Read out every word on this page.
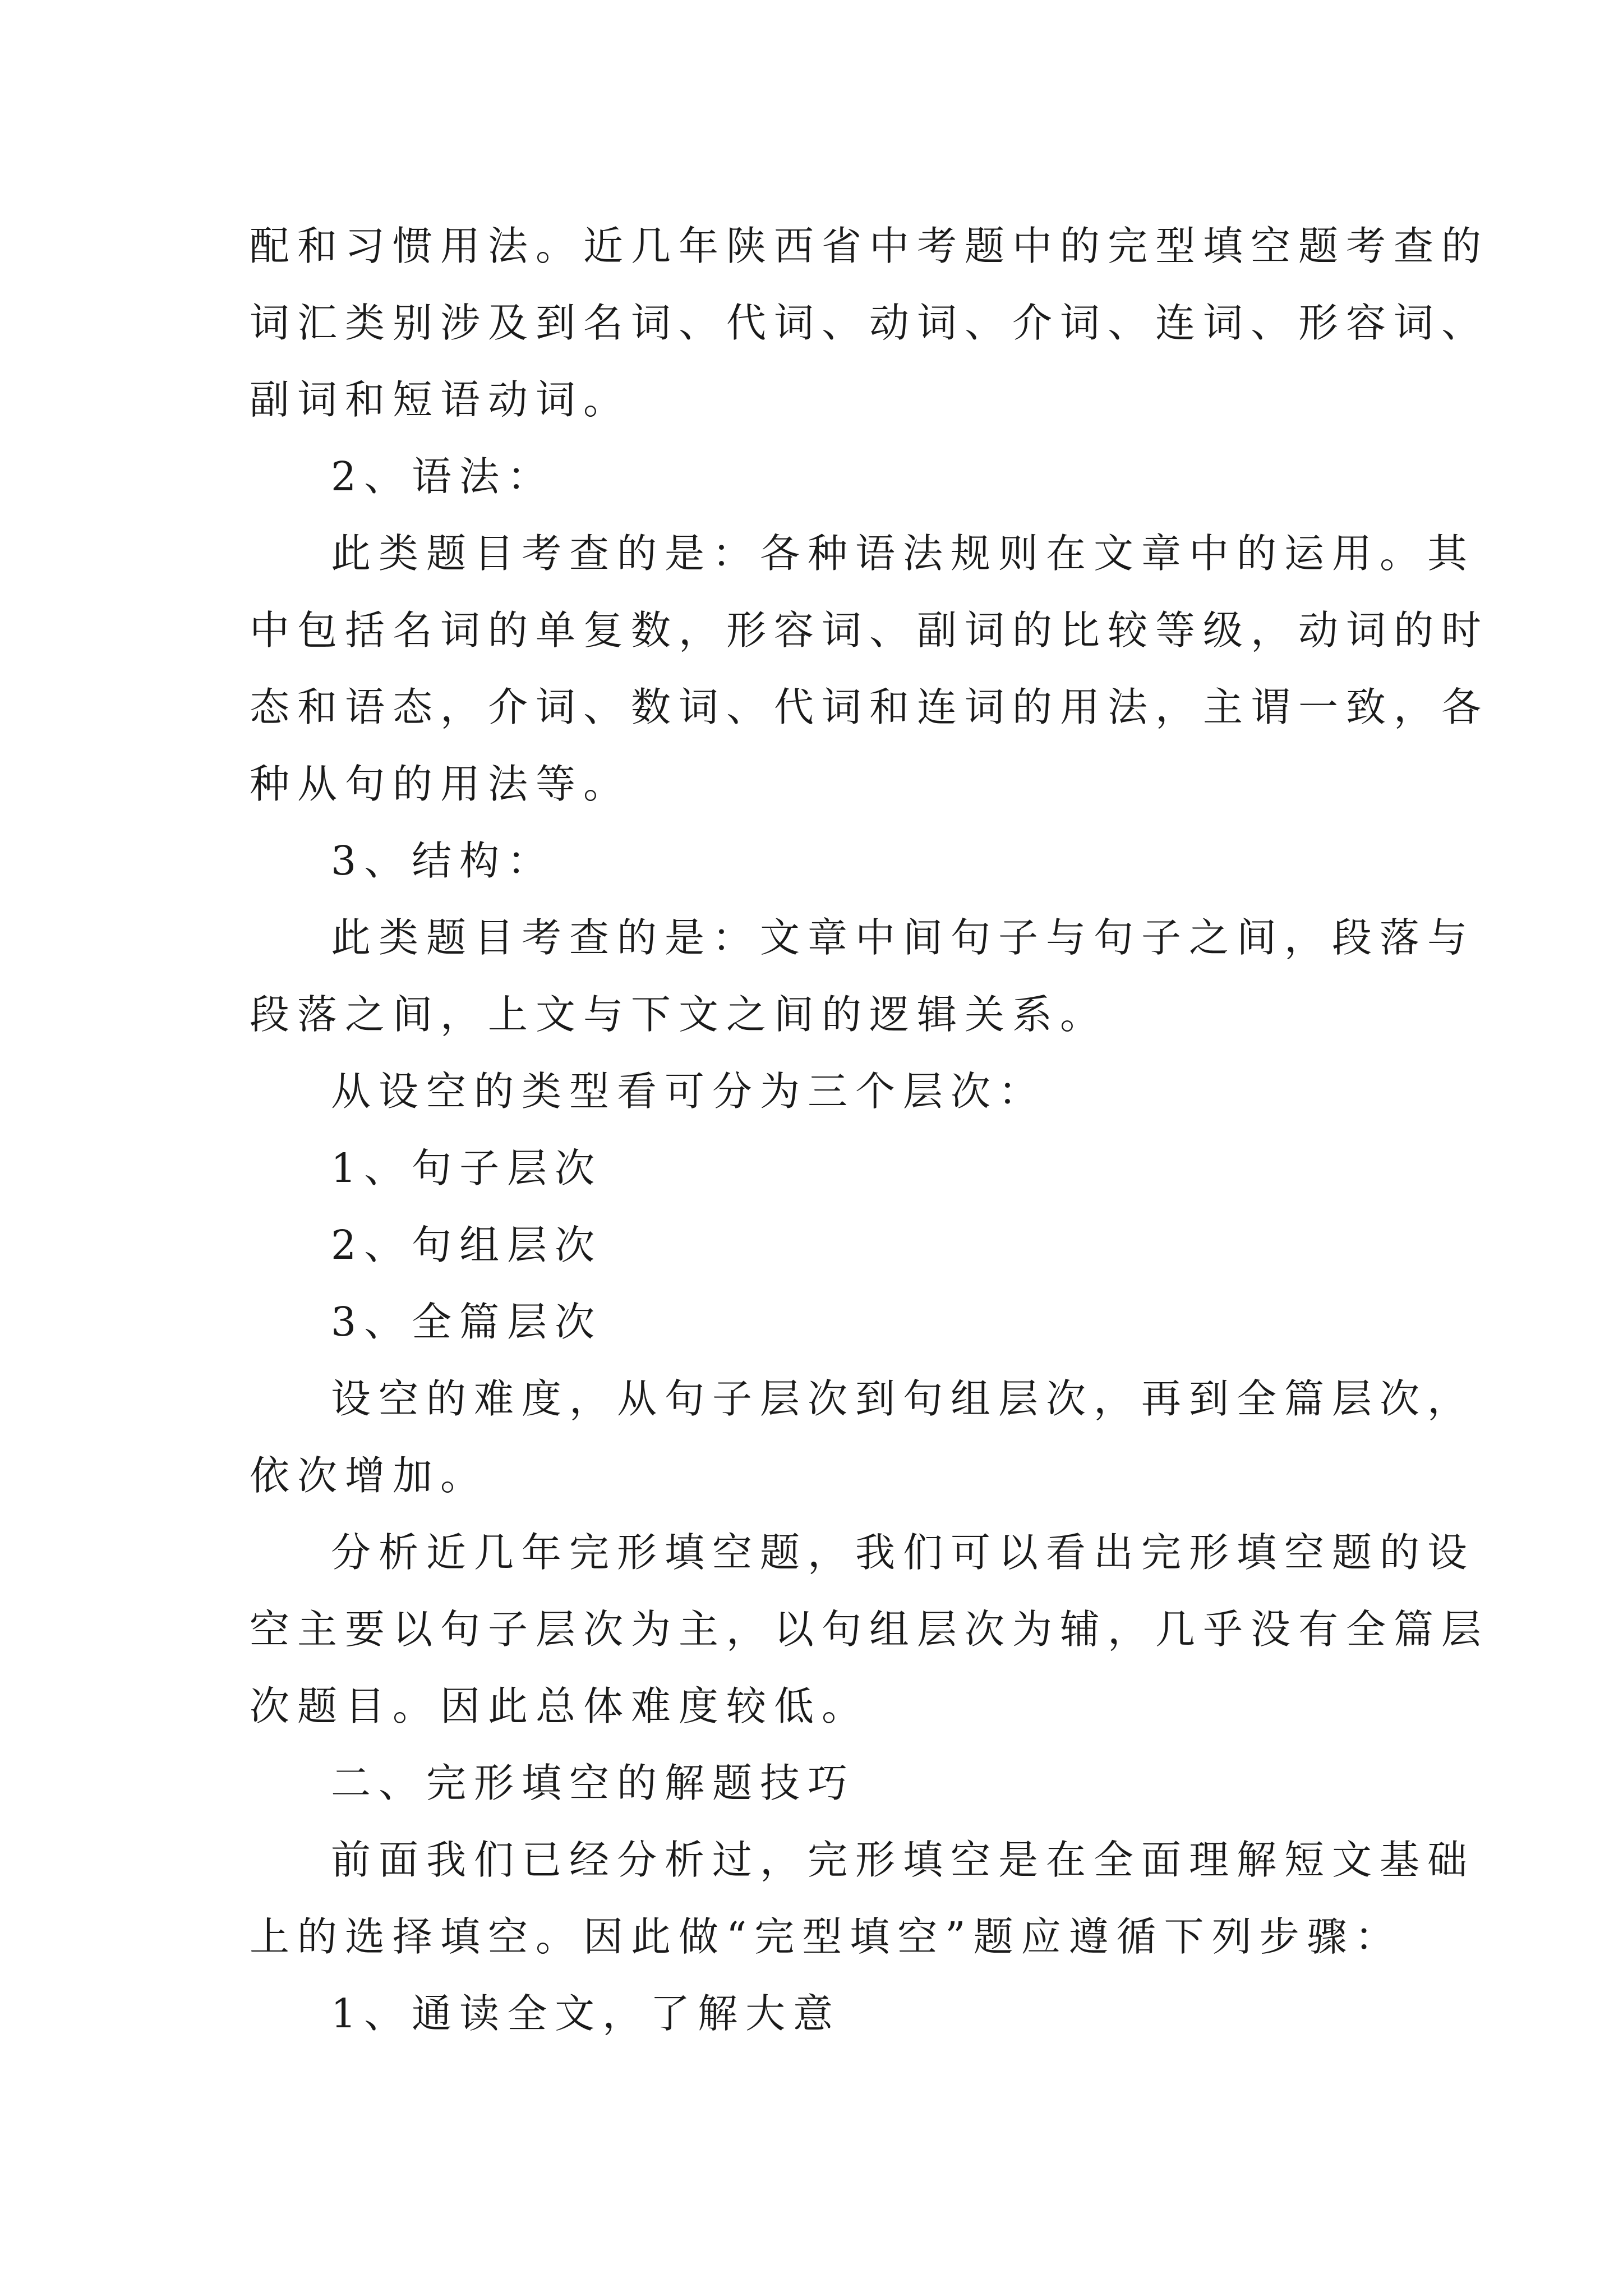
配和习惯用法。近几年陕西省中考题中的完型填空题考查的
词汇类别涉及到名词、代词、动词、介词、连词、形容词、
副词和短语动词。
2、语法：
此类题目考查的是：各种语法规则在文章中的运用。其
中包括名词的单复数，形容词、副词的比较等级，动词的时
态和语态，介词、数词、代词和连词的用法，主谓一致，各
种从句的用法等。
3、结构：
此类题目考查的是：文章中间句子与句子之间，段落与
段落之间，上文与下文之间的逻辑关系。
从设空的类型看可分为三个层次：
1、句子层次
2、句组层次
3、全篇层次
设空的难度，从句子层次到句组层次，再到全篇层次，
依次增加。
分析近几年完形填空题，我们可以看出完形填空题的设
空主要以句子层次为主，以句组层次为辅，几乎没有全篇层
次题目。因此总体难度较低。
二、完形填空的解题技巧
前面我们已经分析过，完形填空是在全面理解短文基础
上的选择填空。因此做“完型填空”题应遵循下列步骤：
1、通读全文，了解大意
